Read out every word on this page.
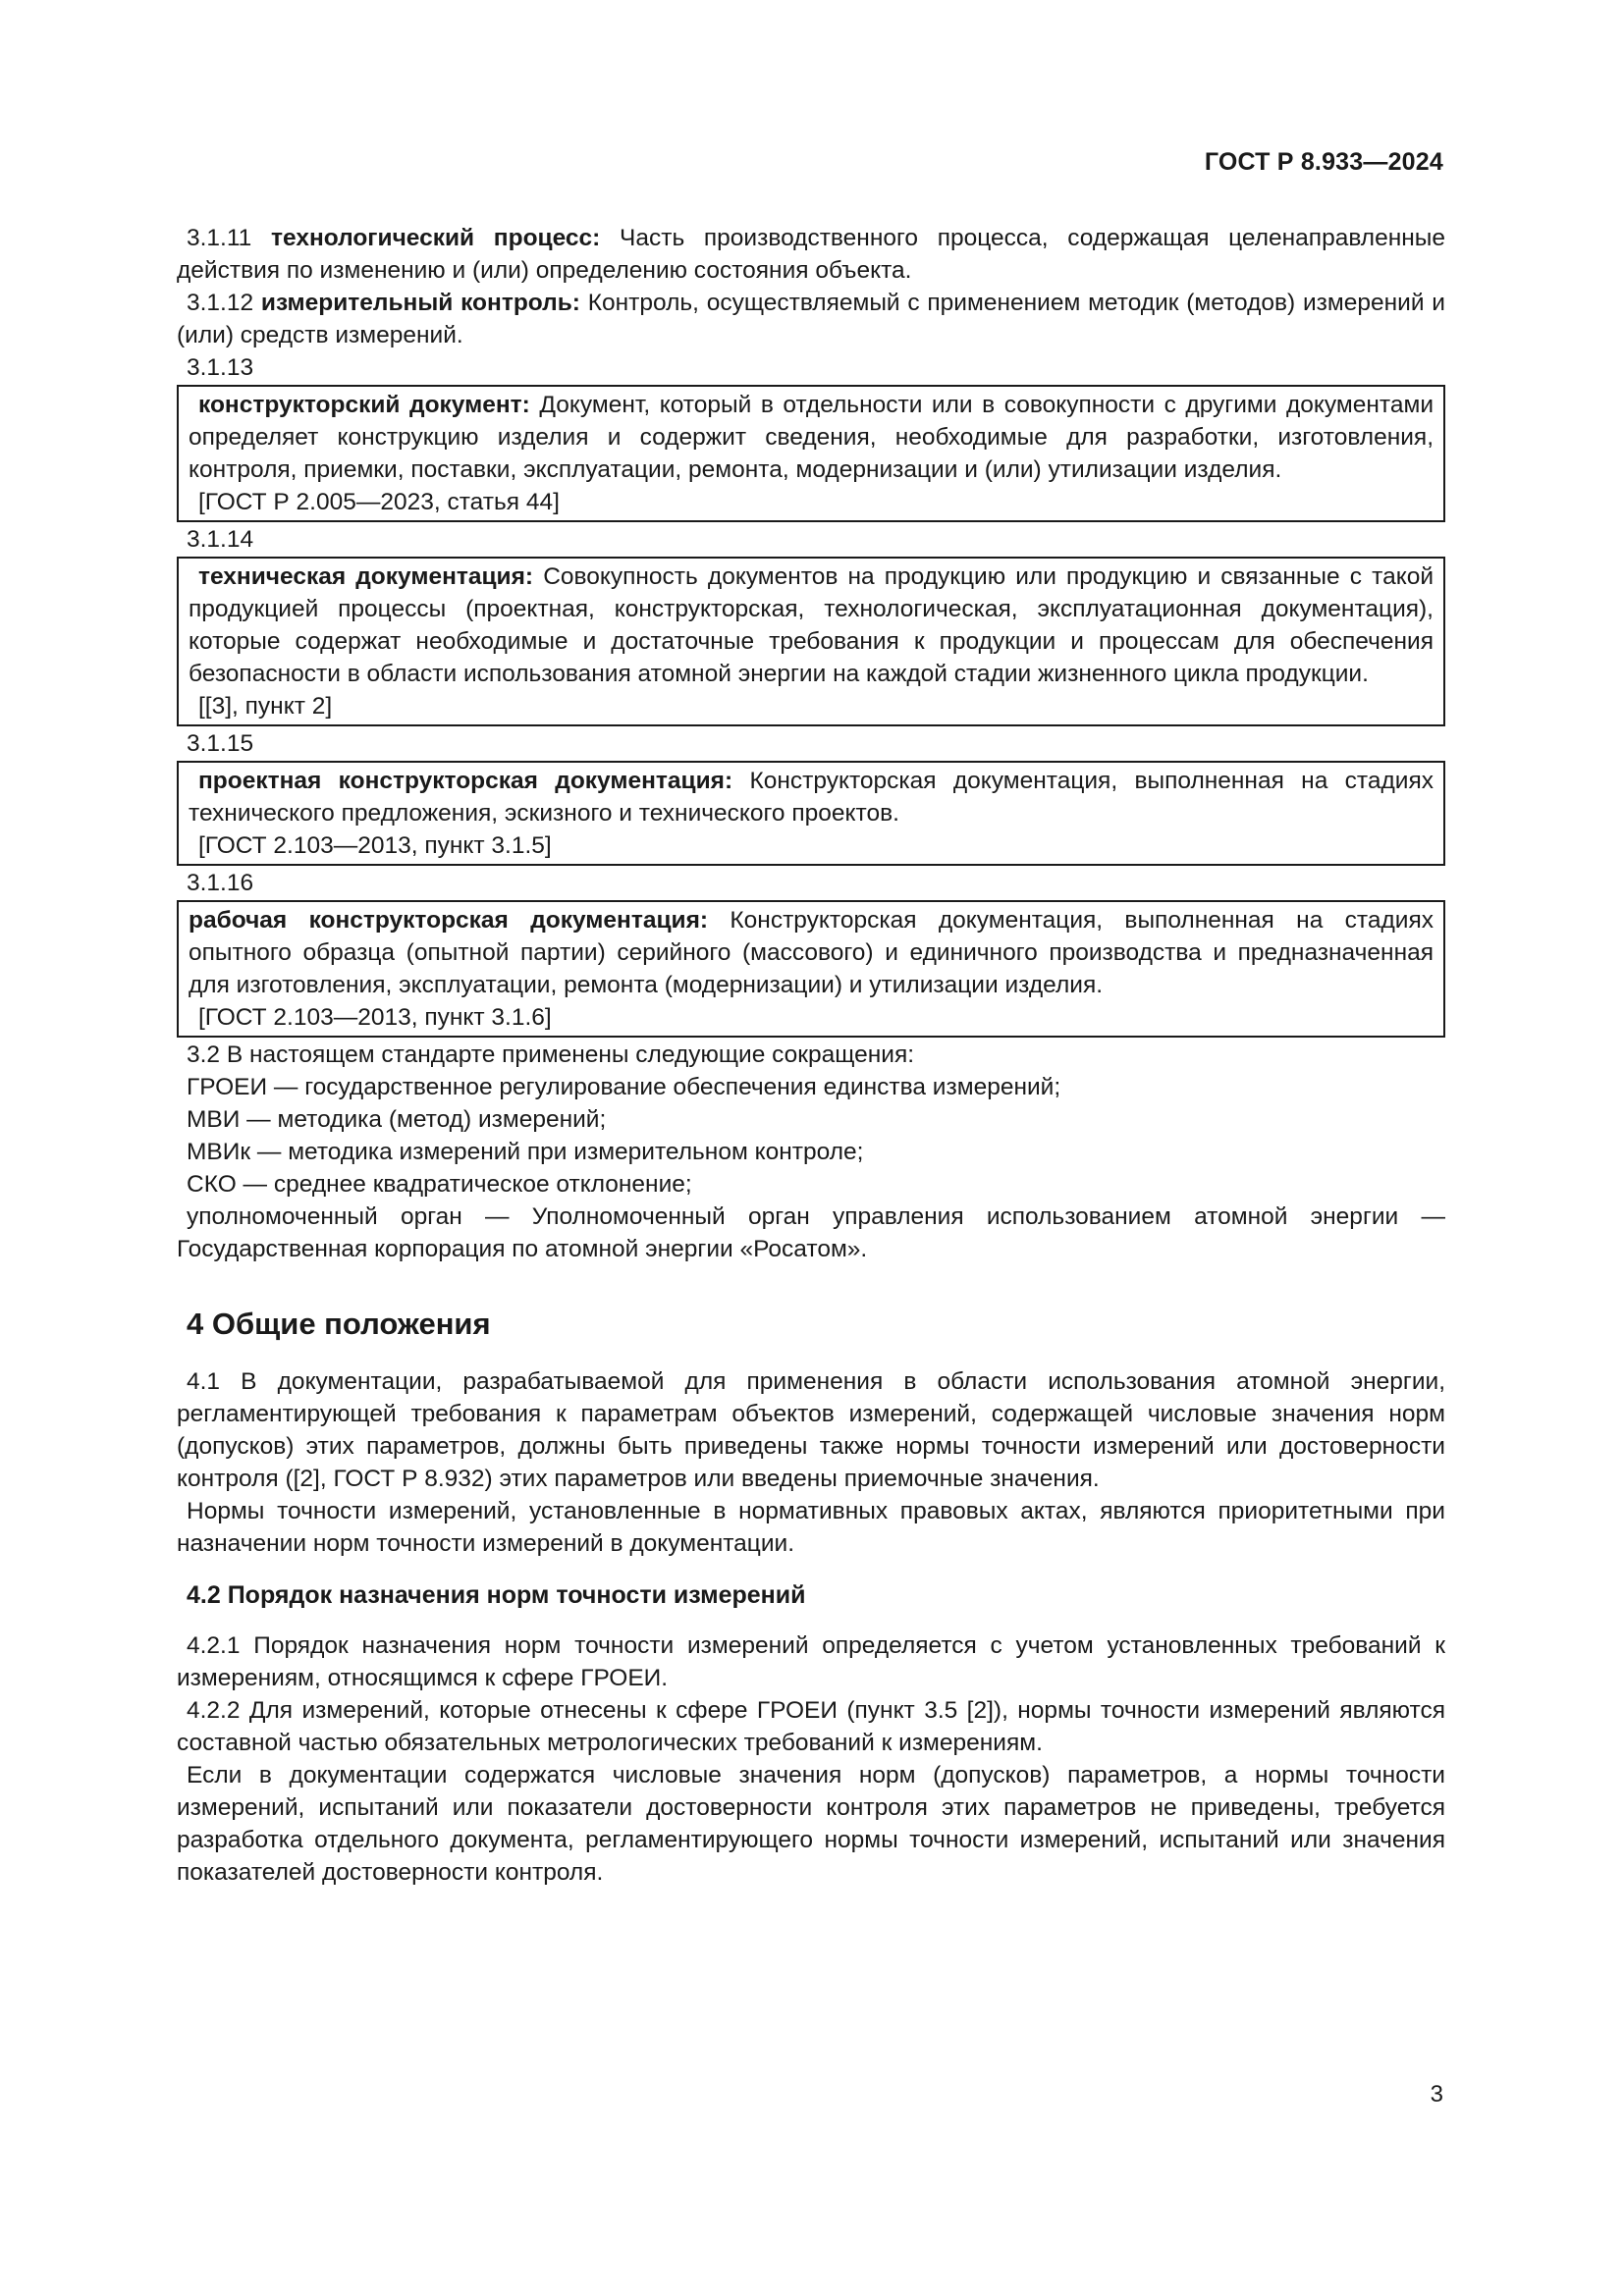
ГОСТ Р 8.933—2024

3.1.11 технологический процесс: Часть производственного процесса, содержащая целенаправленные действия по изменению и (или) определению состояния объекта.

3.1.12 измерительный контроль: Контроль, осуществляемый с применением методик (методов) измерений и (или) средств измерений.

3.1.13

конструкторский документ: Документ, который в отдельности или в совокупности с другими документами определяет конструкцию изделия и содержит сведения, необходимые для разработки, изготовления, контроля, приемки, поставки, эксплуатации, ремонта, модернизации и (или) утилизации изделия.

[ГОСТ Р 2.005—2023, статья 44]

3.1.14

техническая документация: Совокупность документов на продукцию или продукцию и связанные с такой продукцией процессы (проектная, конструкторская, технологическая, эксплуатационная документация), которые содержат необходимые и достаточные требования к продукции и процессам для обеспечения безопасности в области использования атомной энергии на каждой стадии жизненного цикла продукции.

[[3], пункт 2]

3.1.15

проектная конструкторская документация: Конструкторская документация, выполненная на стадиях технического предложения, эскизного и технического проектов.

[ГОСТ 2.103—2013, пункт 3.1.5]

3.1.16

рабочая конструкторская документация: Конструкторская документация, выполненная на стадиях опытного образца (опытной партии) серийного (массового) и единичного производства и предназначенная для изготовления, эксплуатации, ремонта (модернизации) и утилизации изделия.

[ГОСТ 2.103—2013, пункт 3.1.6]

3.2 В настоящем стандарте применены следующие сокращения:

ГРОЕИ — государственное регулирование обеспечения единства измерений;

МВИ — методика (метод) измерений;

МВИк — методика измерений при измерительном контроле;

СКО — среднее квадратическое отклонение;

уполномоченный орган — Уполномоченный орган управления использованием атомной энергии — Государственная корпорация по атомной энергии «Росатом».

4 Общие положения

4.1 В документации, разрабатываемой для применения в области использования атомной энергии, регламентирующей требования к параметрам объектов измерений, содержащей числовые значения норм (допусков) этих параметров, должны быть приведены также нормы точности измерений или достоверности контроля ([2], ГОСТ Р 8.932) этих параметров или введены приемочные значения.

Нормы точности измерений, установленные в нормативных правовых актах, являются приоритетными при назначении норм точности измерений в документации.

4.2 Порядок назначения норм точности измерений

4.2.1 Порядок назначения норм точности измерений определяется с учетом установленных требований к измерениям, относящимся к сфере ГРОЕИ.

4.2.2 Для измерений, которые отнесены к сфере ГРОЕИ (пункт 3.5 [2]), нормы точности измерений являются составной частью обязательных метрологических требований к измерениям.

Если в документации содержатся числовые значения норм (допусков) параметров, а нормы точности измерений, испытаний или показатели достоверности контроля этих параметров не приведены, требуется разработка отдельного документа, регламентирующего нормы точности измерений, испытаний или значения показателей достоверности контроля.

3
